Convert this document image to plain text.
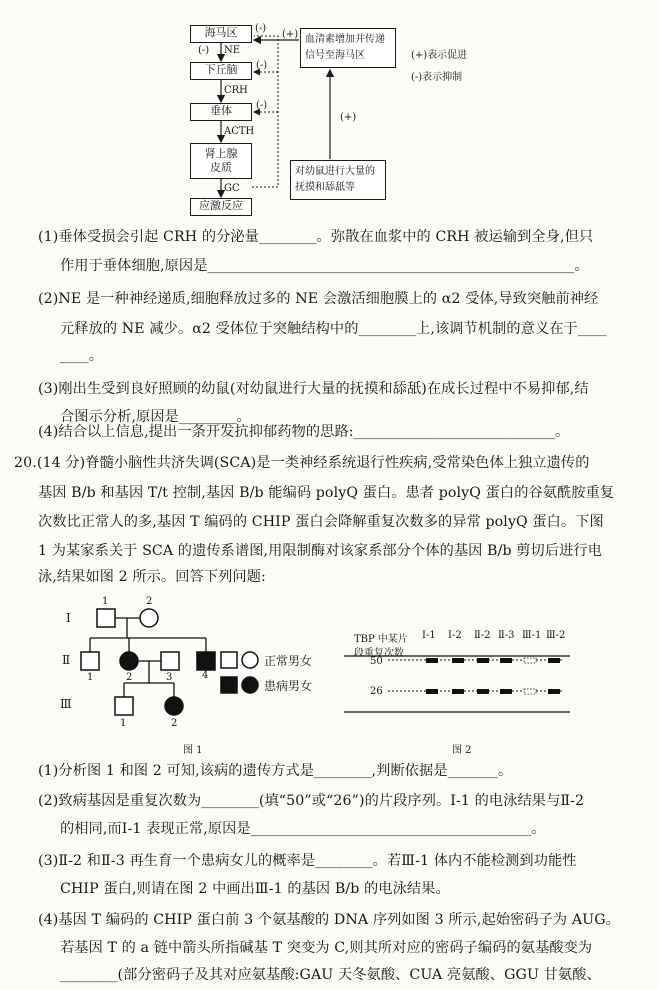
海马区
下丘脑
垂体
肾上腺
皮质
应激反应
血清素增加并传递信号至海马区
对幼鼠进行大量的抚摸和舔舐等
(+)表示促进
(-)表示抑制
(-) NE
CRH
ACTH
GC
(-)
(+)
(-)
(-)
(+)
(1)垂体受损会引起 CRH 的分泌量________。弥散在血浆中的 CRH 被运输到全身,但只
作用于垂体细胞,原因是___________________________________________________。
(2)NE 是一种神经递质,细胞释放过多的 NE 会激活细胞膜上的 α2 受体,导致突触前神经
元释放的 NE 减少。α2 受体位于突触结构中的________上,该调节机制的意义在于____
____。
(3)刚出生受到良好照顾的幼鼠(对幼鼠进行大量的抚摸和舔舐)在成长过程中不易抑郁,结
合图示分析,原因是________。
(4)结合以上信息,提出一条开发抗抑郁药物的思路:____________________________。
20.(14 分)脊髓小脑性共济失调(SCA)是一类神经系统退行性疾病,受常染色体上独立遗传的
基因 B/b 和基因 T/t 控制,基因 B/b 能编码 polyQ 蛋白。患者 polyQ 蛋白的谷氨酰胺重复
次数比正常人的多,基因 T 编码的 CHIP 蛋白会降解重复次数多的异常 polyQ 蛋白。下图
1 为某家系关于 SCA 的遗传系谱图,用限制酶对该家系部分个体的基因 B/b 剪切后进行电
泳,结果如图 2 所示。回答下列问题:
I
Ⅱ
Ⅲ
1	2
1	2	3	4
1	2
正常男女
患病男女
图 1
TBP 中某片
段重复次数
Ⅰ-1 Ⅰ-2 Ⅱ-2 Ⅱ-3 Ⅲ-1 Ⅲ-2
50
26
图 2
(1)分析图 1 和图 2 可知,该病的遗传方式是________,判断依据是_______。
(2)致病基因是重复次数为________(填“50”或“26”)的片段序列。Ⅰ-1 的电泳结果与Ⅱ-2
的相同,而Ⅰ-1 表现正常,原因是_______________________________________。
(3)Ⅱ-2 和Ⅱ-3 再生育一个患病女儿的概率是________。若Ⅲ-1 体内不能检测到功能性
CHIP 蛋白,则请在图 2 中画出Ⅲ-1 的基因 B/b 的电泳结果。
(4)基因 T 编码的 CHIP 蛋白前 3 个氨基酸的 DNA 序列如图 3 所示,起始密码子为 AUG。
若基因 T 的 a 链中箭头所指碱基 T 突变为 C,则其所对应的密码子编码的氨基酸变为
________(部分密码子及其对应氨基酸:GAU 天冬氨酸、CUA 亮氨酸、GGU 甘氨酸、
